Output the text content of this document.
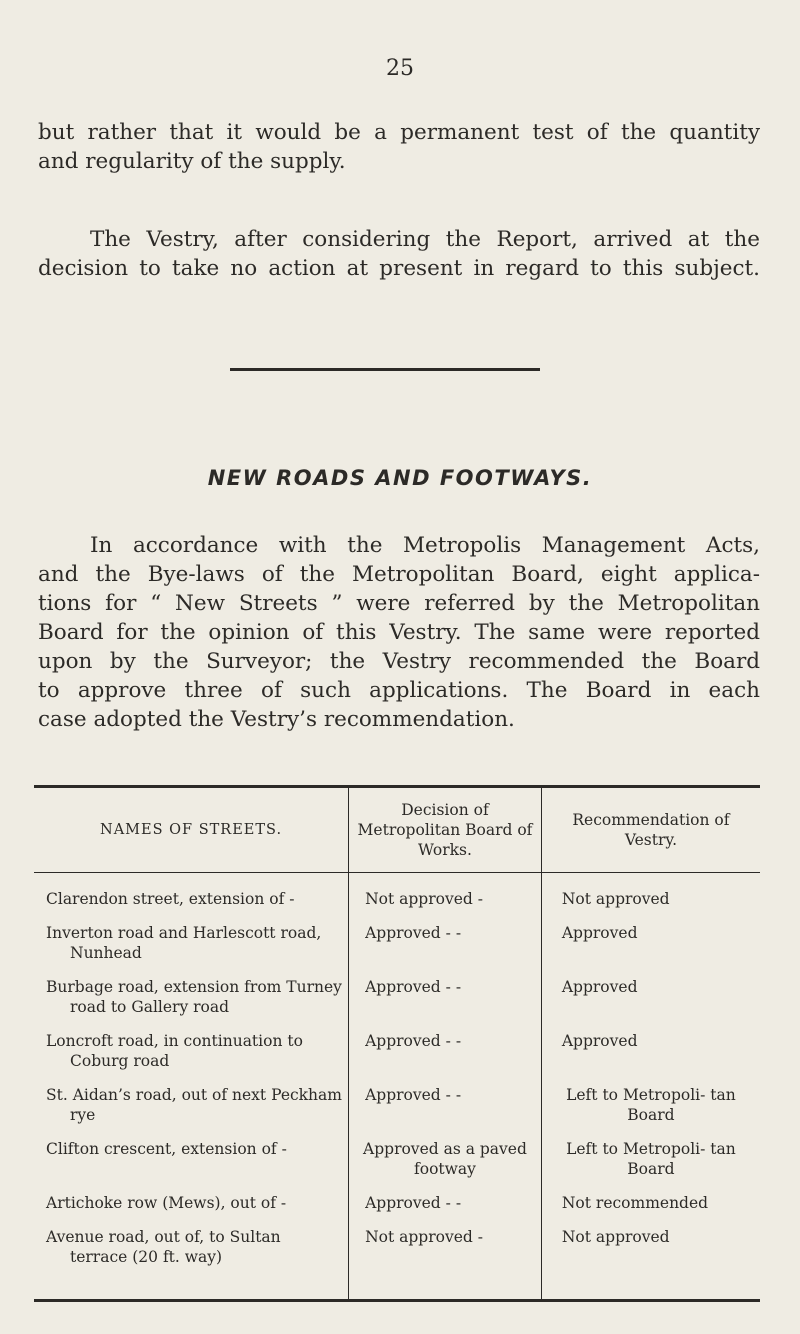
25

but rather that it would be a permanent test of the quantity
and regularity of the supply.

The Vestry, after considering the Report, arrived at the
decision to take no action at present in regard to this subject.

NEW ROADS AND FOOTWAYS.

In accordance with the Metropolis Management Acts,
and the Bye-laws of the Metropolitan Board, eight applica-
tions for “ New Streets ” were referred by the Metropolitan
Board for the opinion of this Vestry. The same were reported
upon by the Surveyor; the Vestry recommended the Board
to approve three of such applications. The Board in each
case adopted the Vestry’s recommendation.

NAMES OF STREETS.	Decision of Metropolitan Board of Works.	Recommendation of Vestry.
Clarendon street, extension of -	Not approved -	Not approved
Inverton road and Harlescott road, Nunhead	Approved - -	Approved
Burbage road, extension from Turney road to Gallery road	Approved - -	Approved
Loncroft road, in continuation to Coburg road	Approved - -	Approved
St. Aidan’s road, out of next Peckham rye	Approved - -	Left to Metropoli- tan Board
Clifton crescent, extension of -	Approved as a paved footway	Left to Metropoli- tan Board
Artichoke row (Mews), out of -	Approved - -	Not recommended
Avenue road, out of, to Sultan terrace (20 ft. way)	Not approved -	Not approved
